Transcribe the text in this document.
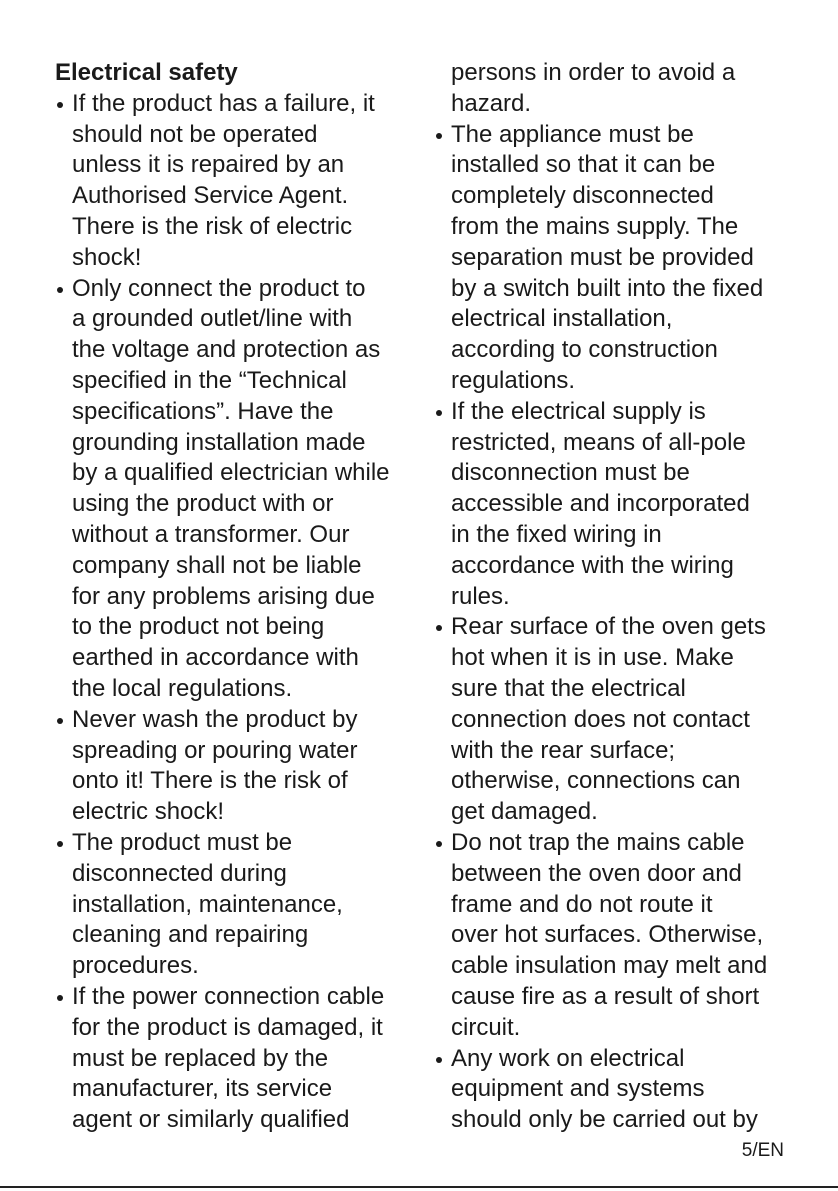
Electrical safety

If the product has a failure, it
should not be operated
unless it is repaired by an
Authorised Service Agent.
There is the risk of electric
shock!
Only connect the product to
a grounded outlet/line with
the voltage and protection as
specified in the “Technical
specifications”. Have the
grounding installation made
by a qualified electrician while
using the product with or
without a transformer. Our
company shall not be liable
for any problems arising due
to the product not being
earthed in accordance with
the local regulations.
Never wash the product by
spreading or pouring water
onto it! There is the risk of
electric shock!
The product must be
disconnected during
installation, maintenance,
cleaning and repairing
procedures.
If the power connection cable
for the product is damaged, it
must be replaced by the
manufacturer, its service
agent or similarly qualified
persons in order to avoid a
hazard.
The appliance must be
installed so that it can be
completely disconnected
from the mains supply. The
separation must be provided
by a switch built into the fixed
electrical installation,
according to construction
regulations.
If the electrical supply is
restricted, means of all-pole
disconnection must be
accessible and incorporated
in the fixed wiring in
accordance with the wiring
rules.
Rear surface of the oven gets
hot when it is in use. Make
sure that the electrical
connection does not contact
with the rear surface;
otherwise, connections can
get damaged.
Do not trap the mains cable
between the oven door and
frame and do not route it
over hot surfaces. Otherwise,
cable insulation may melt and
cause fire as a result of short
circuit.
Any work on electrical
equipment and systems
should only be carried out by
5/EN
